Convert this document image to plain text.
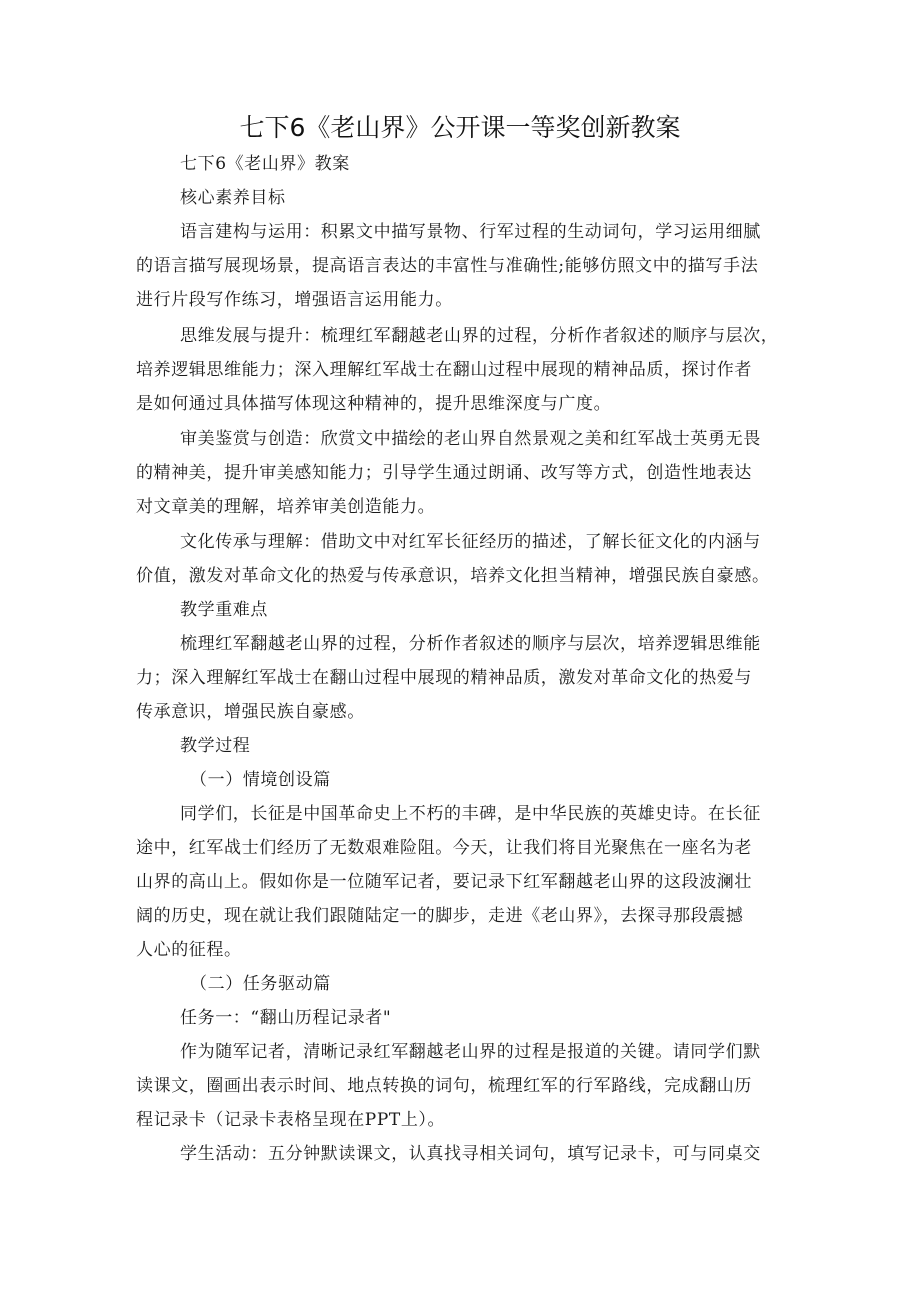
七下6《老山界》公开课一等奖创新教案

七下6《老山界》教案

核心素养目标

语言建构与运用：积累文中描写景物、行军过程的生动词句，学习运用细腻

的语言描写展现场景，提高语言表达的丰富性与准确性;能够仿照文中的描写手法

进行片段写作练习，增强语言运用能力。

思维发展与提升：梳理红军翻越老山界的过程，分析作者叙述的顺序与层次，

培养逻辑思维能力；深入理解红军战士在翻山过程中展现的精神品质，探讨作者

是如何通过具体描写体现这种精神的，提升思维深度与广度。

审美鉴赏与创造：欣赏文中描绘的老山界自然景观之美和红军战士英勇无畏

的精神美，提升审美感知能力；引导学生通过朗诵、改写等方式，创造性地表达

对文章美的理解，培养审美创造能力。

文化传承与理解：借助文中对红军长征经历的描述，了解长征文化的内涵与

价值，激发对革命文化的热爱与传承意识，培养文化担当精神，增强民族自豪感。

教学重难点

梳理红军翻越老山界的过程，分析作者叙述的顺序与层次，培养逻辑思维能

力；深入理解红军战士在翻山过程中展现的精神品质，激发对革命文化的热爱与

传承意识，增强民族自豪感。

教学过程

（一）情境创设篇

同学们，长征是中国革命史上不朽的丰碑，是中华民族的英雄史诗。在长征

途中，红军战士们经历了无数艰难险阻。今天，让我们将目光聚焦在一座名为老

山界的高山上。假如你是一位随军记者，要记录下红军翻越老山界的这段波澜壮

阔的历史，现在就让我们跟随陆定一的脚步，走进《老山界》，去探寻那段震撼

人心的征程。

（二）任务驱动篇

任务一：“翻山历程记录者"

作为随军记者，清晰记录红军翻越老山界的过程是报道的关键。请同学们默

读课文，圈画出表示时间、地点转换的词句，梳理红军的行军路线，完成翻山历

程记录卡（记录卡表格呈现在PPT上）。

学生活动：五分钟默读课文，认真找寻相关词句，填写记录卡，可与同桌交
